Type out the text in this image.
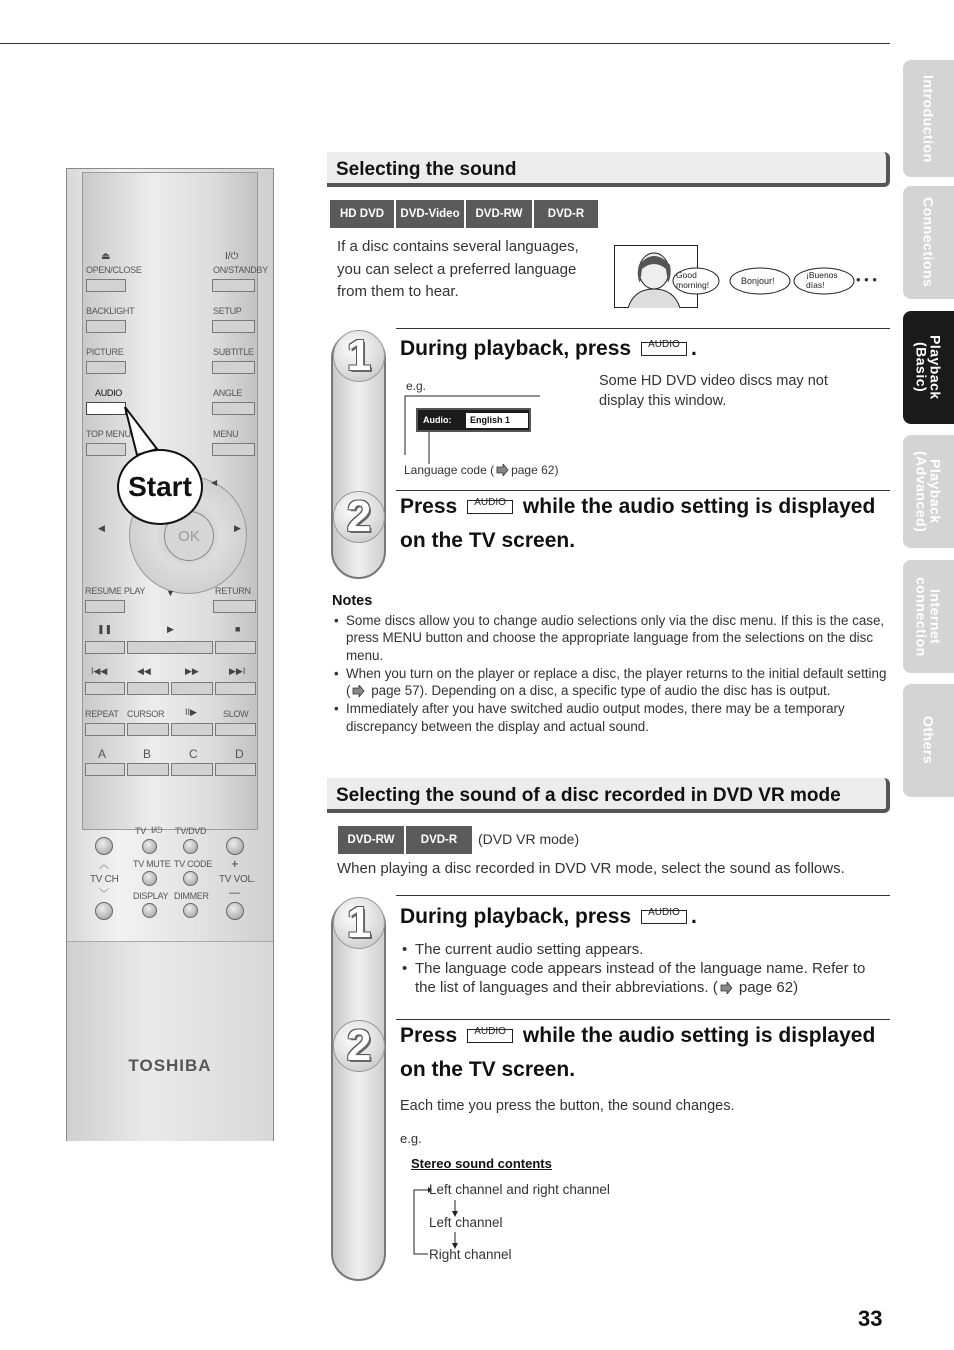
Introduction
Connections
Playback
(Basic)
Playback
(Advanced)
Internet
connection
Others
⏏	I/⏻
OPEN/CLOSE	ON/STANDBY
BACKLIGHT	SETUP
PICTURE	SUBTITLE
AUDIO	ANGLE
TOP MENU	MENU
OK
◀
◀	▶
▼
Start
RESUME PLAY	RETURN
❚❚	▶	■
I◀◀	◀◀	▶▶	▶▶I
REPEAT CURSOR II▶	SLOW
A	B	C	D
TV I/⏻ TV/DVD
︿	TV MUTE TV CODE +
TV CH	TV VOL.
﹀	DISPLAY DIMMER —
TOSHIBA
Selecting the sound
HD DVD	DVD-Video	DVD-RW	DVD-R
If a disc contains several languages,
you can select a preferred language
from them to hear.
Good morning!	Bonjour!
¡Buenos días!	• • •
1
2
During playback, press	AUDIO .
e.g.
Audio:	English 1
Language code ( page 62)
Some HD DVD video discs may not
display this window.
Press	AUDIO while the audio setting is displayed
on the TV screen.
Notes
• Some discs allow you to change audio selections only via the disc menu. If this is the case, press MENU button and choose the appropriate language from the selections on the disc menu.
• When you turn on the player or replace a disc, the player returns to the initial default setting ( page 57). Depending on a disc, a specific type of audio the disc has is output.
• Immediately after you have switched audio output modes, there may be a temporary discrepancy between the display and actual sound.
Selecting the sound of a disc recorded in DVD VR mode
DVD-RW	DVD-R	(DVD VR mode)
When playing a disc recorded in DVD VR mode, select the sound as follows.
1
2
During playback, press	AUDIO .
• The current audio setting appears.
• The language code appears instead of the language name. Refer to the list of languages and their abbreviations. ( page 62)
Press	AUDIO while the audio setting is displayed
on the TV screen.
Each time you press the button, the sound changes.
e.g.
Stereo sound contents
Left channel and right channel
Left channel
Right channel
33
